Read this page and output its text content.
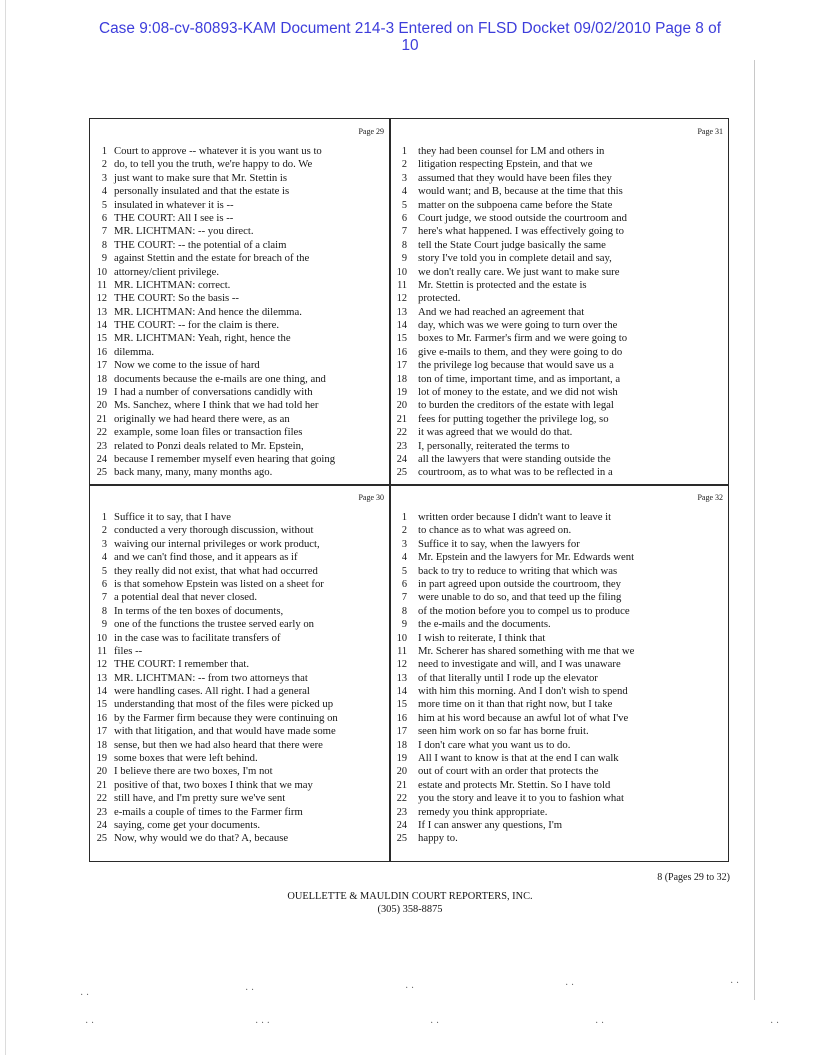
Case 9:08-cv-80893-KAM Document 214-3 Entered on FLSD Docket 09/02/2010 Page 8 of
10
Page 29
1 Court to approve -- whatever it is you want us to
2 do, to tell you the truth, we're happy to do. We
3 just want to make sure that Mr. Stettin is
4 personally insulated and that the estate is
5 insulated in whatever it is --
6 THE COURT: All I see is --
7 MR. LICHTMAN: -- you direct.
8 THE COURT: -- the potential of a claim
9 against Stettin and the estate for breach of the
10 attorney/client privilege.
11 MR. LICHTMAN: correct.
12 THE COURT: So the basis --
13 MR. LICHTMAN: And hence the dilemma.
14 THE COURT: -- for the claim is there.
15 MR. LICHTMAN: Yeah, right, hence the
16 dilemma.
17 Now we come to the issue of hard
18 documents because the e-mails are one thing, and
19 I had a number of conversations candidly with
20 Ms. Sanchez, where I think that we had told her
21 originally we had heard there were, as an
22 example, some loan files or transaction files
23 related to Ponzi deals related to Mr. Epstein,
24 because I remember myself even hearing that going
25 back many, many, many months ago.
Page 31
1 they had been counsel for LM and others in
2 litigation respecting Epstein, and that we
3 assumed that they would have been files they
4 would want; and B, because at the time that this
5 matter on the subpoena came before the State
6 Court judge, we stood outside the courtroom and
7 here's what happened. I was effectively going to
8 tell the State Court judge basically the same
9 story I've told you in complete detail and say,
10 we don't really care. We just want to make sure
11 Mr. Stettin is protected and the estate is
12 protected.
13 And we had reached an agreement that
14 day, which was we were going to turn over the
15 boxes to Mr. Farmer's firm and we were going to
16 give e-mails to them, and they were going to do
17 the privilege log because that would save us a
18 ton of time, important time, and as important, a
19 lot of money to the estate, and we did not wish
20 to burden the creditors of the estate with legal
21 fees for putting together the privilege log, so
22 it was agreed that we would do that.
23 I, personally, reiterated the terms to
24 all the lawyers that were standing outside the
25 courtroom, as to what was to be reflected in a
Page 30
1 Suffice it to say, that I have
2 conducted a very thorough discussion, without
3 waiving our internal privileges or work product,
4 and we can't find those, and it appears as if
5 they really did not exist, that what had occurred
6 is that somehow Epstein was listed on a sheet for
7 a potential deal that never closed.
8 In terms of the ten boxes of documents,
9 one of the functions the trustee served early on
10 in the case was to facilitate transfers of
11 files --
12 THE COURT: I remember that.
13 MR. LICHTMAN: -- from two attorneys that
14 were handling cases. All right. I had a general
15 understanding that most of the files were picked up
16 by the Farmer firm because they were continuing on
17 with that litigation, and that would have made some
18 sense, but then we had also heard that there were
19 some boxes that were left behind.
20 I believe there are two boxes, I'm not
21 positive of that, two boxes I think that we may
22 still have, and I'm pretty sure we've sent
23 e-mails a couple of times to the Farmer firm
24 saying, come get your documents.
25 Now, why would we do that? A, because
Page 32
1 written order because I didn't want to leave it
2 to chance as to what was agreed on.
3 Suffice it to say, when the lawyers for
4 Mr. Epstein and the lawyers for Mr. Edwards went
5 back to try to reduce to writing that which was
6 in part agreed upon outside the courtroom, they
7 were unable to do so, and that teed up the filing
8 of the motion before you to compel us to produce
9 the e-mails and the documents.
10 I wish to reiterate, I think that
11 Mr. Scherer has shared something with me that we
12 need to investigate and will, and I was unaware
13 of that literally until I rode up the elevator
14 with him this morning. And I don't wish to spend
15 more time on it than that right now, but I take
16 him at his word because an awful lot of what I've
17 seen him work on so far has borne fruit.
18 I don't care what you want us to do.
19 All I want to know is that at the end I can walk
20 out of court with an order that protects the
21 estate and protects Mr. Stettin. So I have told
22 you the story and leave it to you to fashion what
23 remedy you think appropriate.
24 If I can answer any questions, I'm
25 happy to.
8 (Pages 29 to 32)
OUELLETTE & MAULDIN COURT REPORTERS, INC.
(305) 358-8875
· ·	· ·	· ·	· ·	· ·
· ·	· · ·	· ·	· ·	· ·
